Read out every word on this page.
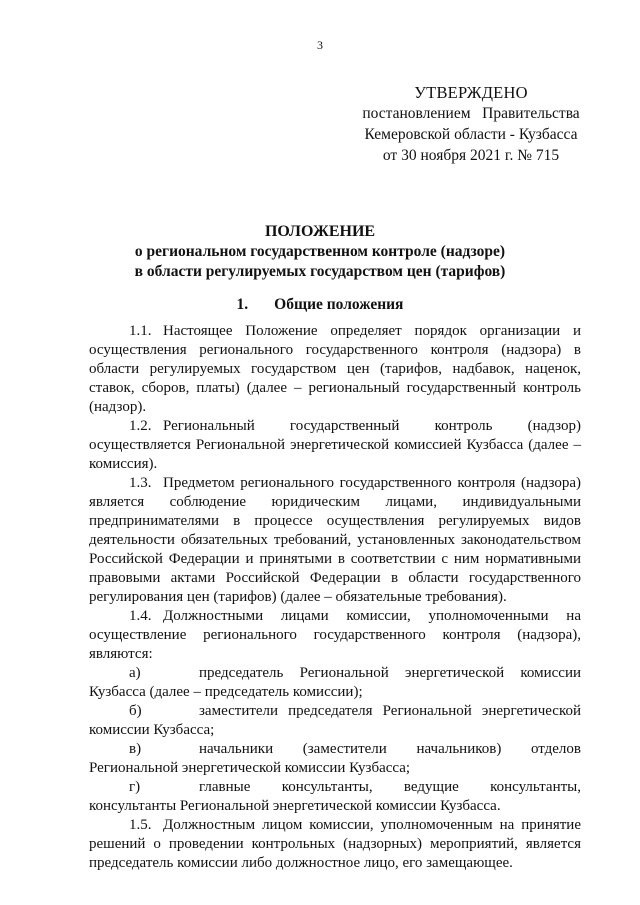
3
УТВЕРЖДЕНО
постановлением   Правительства
Кемеровской области - Кузбасса
от 30 ноября 2021 г. № 715
ПОЛОЖЕНИЕ
о региональном государственном контроле (надзоре)
в области регулируемых государством цен (тарифов)
1. Общие положения

1.1. Настоящее Положение определяет порядок организации и осуществления регионального государственного контроля (надзора) в области регулируемых государством цен (тарифов, надбавок, наценок, ставок, сборов, платы) (далее – региональный государственный контроль (надзор).

1.2. Региональный государственный контроль (надзор) осуществляется Региональной энергетической комиссией Кузбасса (далее – комиссия).

1.3. Предметом регионального государственного контроля (надзора) является соблюдение юридическим лицами, индивидуальными предпринимателями в процессе осуществления регулируемых видов деятельности обязательных требований, установленных законодательством Российской Федерации и принятыми в соответствии с ним нормативными правовыми актами Российской Федерации в области государственного регулирования цен (тарифов) (далее – обязательные требования).

1.4. Должностными лицами комиссии, уполномоченными на осуществление регионального государственного контроля (надзора), являются:

а)	председатель Региональной энергетической комиссии Кузбасса (далее – председатель комиссии);

б)	заместители председателя Региональной энергетической комиссии Кузбасса;

в)	начальники (заместители начальников) отделов Региональной энергетической комиссии Кузбасса;

г)	главные консультанты, ведущие консультанты, консультанты Региональной энергетической комиссии Кузбасса.

1.5. Должностным лицом комиссии, уполномоченным на принятие решений о проведении контрольных (надзорных) мероприятий, является председатель комиссии либо должностное лицо, его замещающее.
